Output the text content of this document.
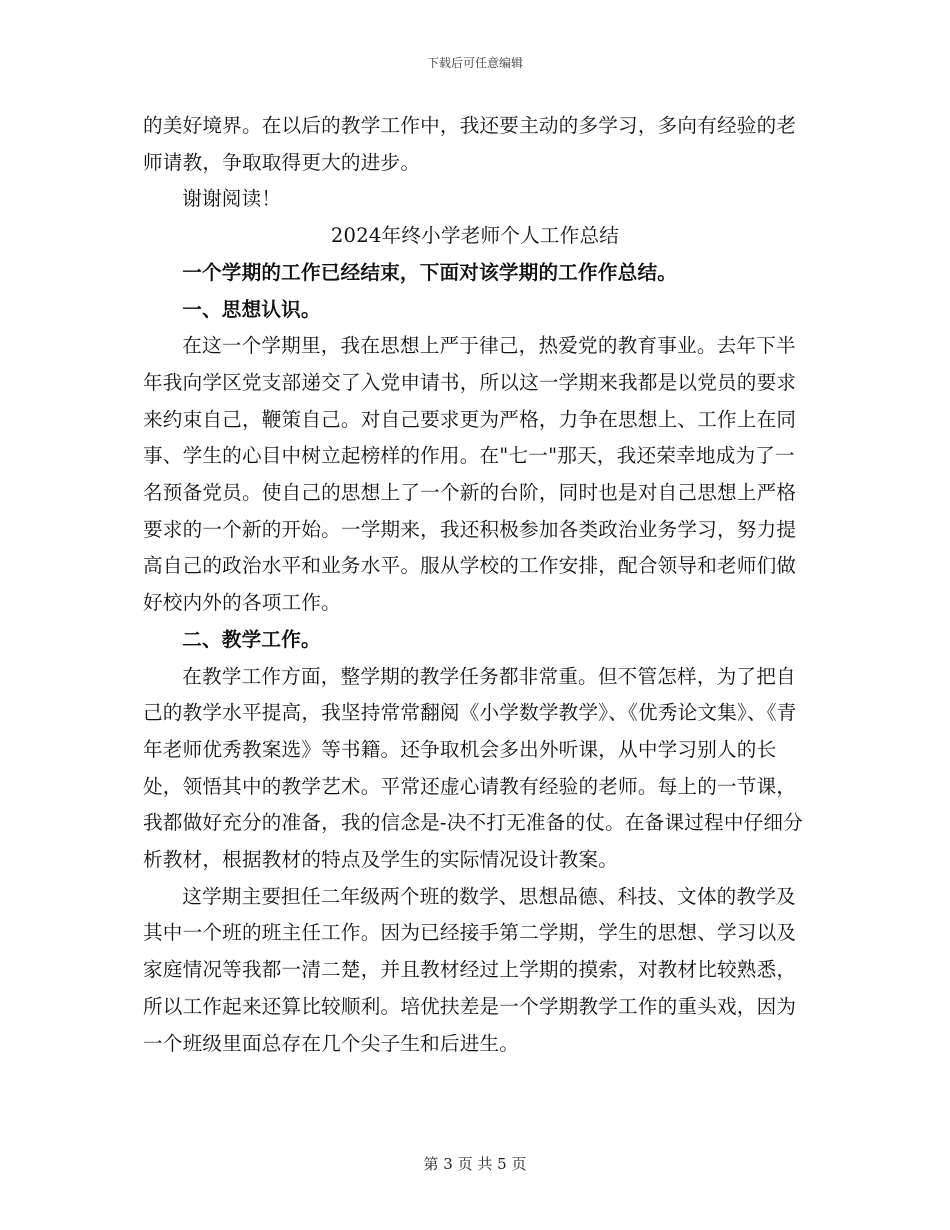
下载后可任意编辑

的美好境界。在以后的教学工作中，我还要主动的多学习，多向有经验的老师请教，争取取得更大的进步。

谢谢阅读！

2024年终小学老师个人工作总结

一个学期的工作已经结束，下面对该学期的工作作总结。

一、思想认识。

在这一个学期里，我在思想上严于律己，热爱党的教育事业。去年下半年我向学区党支部递交了入党申请书，所以这一学期来我都是以党员的要求来约束自己，鞭策自己。对自己要求更为严格，力争在思想上、工作上在同事、学生的心目中树立起榜样的作用。在"七一"那天，我还荣幸地成为了一名预备党员。使自己的思想上了一个新的台阶，同时也是对自己思想上严格要求的一个新的开始。一学期来，我还积极参加各类政治业务学习，努力提高自己的政治水平和业务水平。服从学校的工作安排，配合领导和老师们做好校内外的各项工作。

二、教学工作。

在教学工作方面，整学期的教学任务都非常重。但不管怎样，为了把自己的教学水平提高，我坚持常常翻阅《小学数学教学》、《优秀论文集》、《青年老师优秀教案选》等书籍。还争取机会多出外听课，从中学习别人的长处，领悟其中的教学艺术。平常还虚心请教有经验的老师。每上的一节课，我都做好充分的准备，我的信念是-决不打无准备的仗。在备课过程中仔细分析教材，根据教材的特点及学生的实际情况设计教案。

这学期主要担任二年级两个班的数学、思想品德、科技、文体的教学及其中一个班的班主任工作。因为已经接手第二学期，学生的思想、学习以及家庭情况等我都一清二楚，并且教材经过上学期的摸索，对教材比较熟悉，所以工作起来还算比较顺利。培优扶差是一个学期教学工作的重头戏，因为一个班级里面总存在几个尖子生和后进生。

第 3 页 共 5 页
